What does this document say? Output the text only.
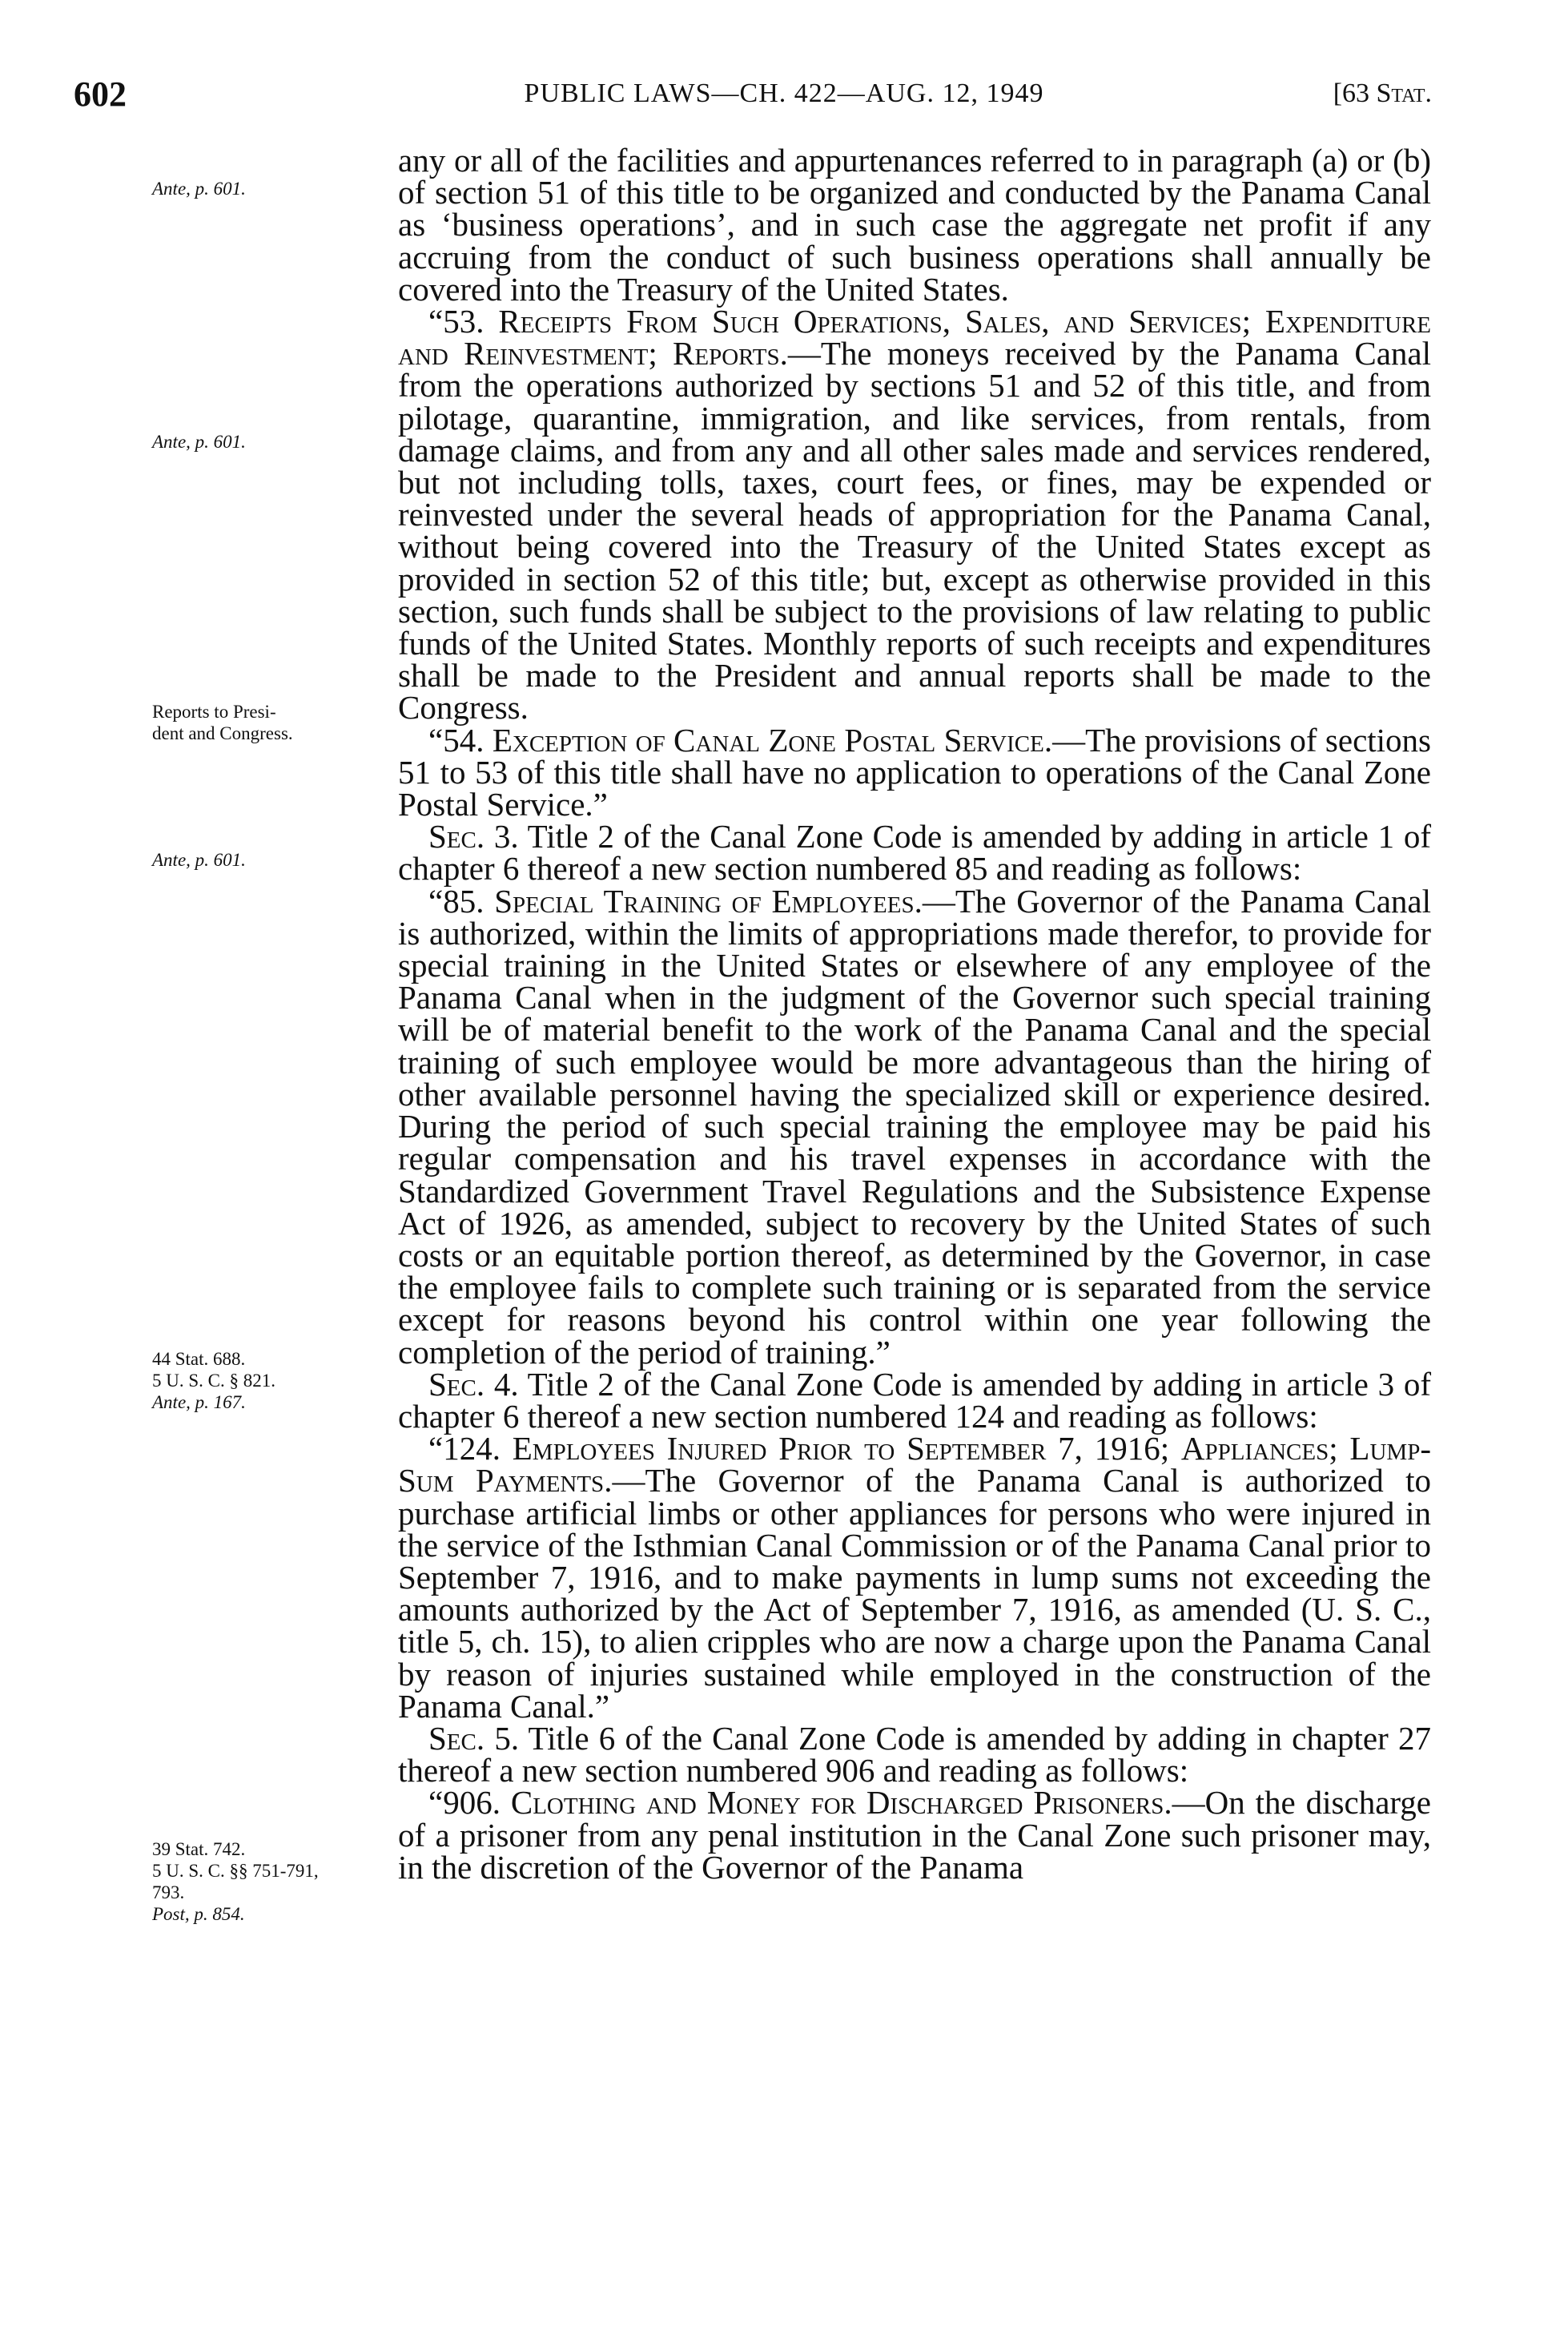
602	PUBLIC LAWS—CH. 422—AUG. 12, 1949	[63 Stat.
Ante, p. 601.
Ante, p. 601.
Reports to Presi-
dent and Congress.
Ante, p. 601.
44 Stat. 688.
5 U. S. C. § 821.
Ante, p. 167.
39 Stat. 742.
5 U. S. C. §§ 751-791,
793.
Post, p. 854.

any or all of the facilities and appurtenances referred to in paragraph (a) or (b) of section 51 of this title to be organized and conducted by the Panama Canal as ‘business operations’, and in such case the aggregate net profit if any accruing from the conduct of such business operations shall annually be covered into the Treasury of the United States.

“53. Receipts From Such Operations, Sales, and Services; Expenditure and Reinvestment; Reports.—The moneys received by the Panama Canal from the operations authorized by sections 51 and 52 of this title, and from pilotage, quarantine, immigration, and like services, from rentals, from damage claims, and from any and all other sales made and services rendered, but not including tolls, taxes, court fees, or fines, may be expended or reinvested under the several heads of appropriation for the Panama Canal, without being covered into the Treasury of the United States except as provided in section 52 of this title; but, except as otherwise provided in this section, such funds shall be subject to the provisions of law relating to public funds of the United States. Monthly reports of such receipts and expenditures shall be made to the President and annual reports shall be made to the Congress.

“54. Exception of Canal Zone Postal Service.—The provisions of sections 51 to 53 of this title shall have no application to operations of the Canal Zone Postal Service.”

Sec. 3. Title 2 of the Canal Zone Code is amended by adding in article 1 of chapter 6 thereof a new section numbered 85 and reading as follows:

“85. Special Training of Employees.—The Governor of the Panama Canal is authorized, within the limits of appropriations made therefor, to provide for special training in the United States or elsewhere of any employee of the Panama Canal when in the judgment of the Governor such special training will be of material benefit to the work of the Panama Canal and the special training of such employee would be more advantageous than the hiring of other available personnel having the specialized skill or experience desired. During the period of such special training the employee may be paid his regular compensation and his travel expenses in accordance with the Standardized Government Travel Regulations and the Subsistence Expense Act of 1926, as amended, subject to recovery by the United States of such costs or an equitable portion thereof, as determined by the Governor, in case the employee fails to complete such training or is separated from the service except for reasons beyond his control within one year following the completion of the period of training.”

Sec. 4. Title 2 of the Canal Zone Code is amended by adding in article 3 of chapter 6 thereof a new section numbered 124 and reading as follows:

“124. Employees Injured Prior to September 7, 1916; Appliances; Lump-Sum Payments.—The Governor of the Panama Canal is authorized to purchase artificial limbs or other appliances for persons who were injured in the service of the Isthmian Canal Commission or of the Panama Canal prior to September 7, 1916, and to make payments in lump sums not exceeding the amounts authorized by the Act of September 7, 1916, as amended (U. S. C., title 5, ch. 15), to alien cripples who are now a charge upon the Panama Canal by reason of injuries sustained while employed in the construction of the Panama Canal.”

Sec. 5. Title 6 of the Canal Zone Code is amended by adding in chapter 27 thereof a new section numbered 906 and reading as follows:

“906. Clothing and Money for Discharged Prisoners.—On the discharge of a prisoner from any penal institution in the Canal Zone such prisoner may, in the discretion of the Governor of the Panama
